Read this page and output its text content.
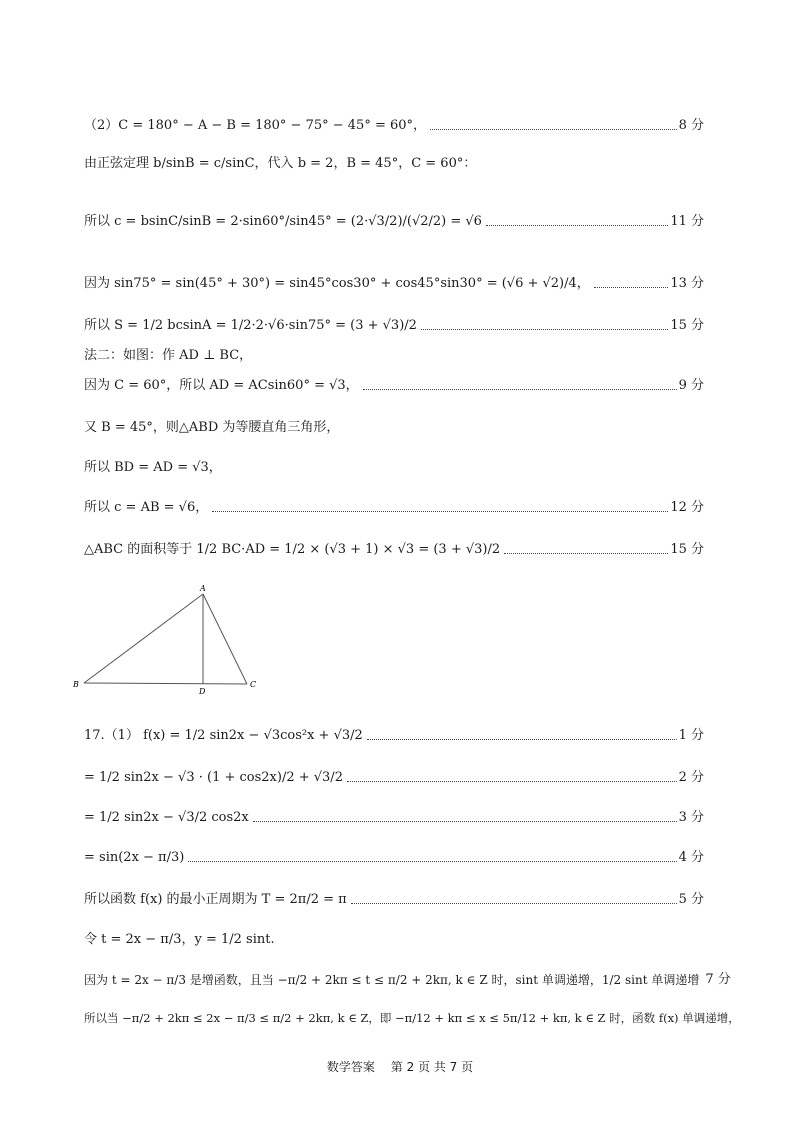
（2）C = 180° − A − B = 180° − 75° − 45° = 60°，	8 分
由正弦定理 b/sinB = c/sinC，代入 b = 2，B = 45°，C = 60°：
所以 c = bsinC/sinB = 2·sin60°/sin45° = (2·√3/2)/(√2/2) = √6	11 分
因为 sin75° = sin(45° + 30°) = sin45°cos30° + cos45°sin30° = (√6 + √2)/4，	13 分
所以 S = 1/2 bcsinA = 1/2·2·√6·sin75° = (3 + √3)/2	15 分
法二：如图：作 AD ⊥ BC，
因为 C = 60°，所以 AD = ACsin60° = √3，	9 分
又 B = 45°，则△ABD 为等腰直角三角形，
所以 BD = AD = √3，
所以 c = AB = √6，	12 分
△ABC 的面积等于 1/2 BC·AD = 1/2 × (√3 + 1) × √3 = (3 + √3)/2	15 分
A
B
D
C
17.（1） f(x) = 1/2 sin2x − √3cos²x + √3/2	1 分
= 1/2 sin2x − √3 · (1 + cos2x)/2 + √3/2	2 分
= 1/2 sin2x − √3/2 cos2x	3 分
= sin(2x − π/3)	4 分
所以函数 f(x) 的最小正周期为 T = 2π/2 = π	5 分
令 t = 2x − π/3，y = 1/2 sint.
因为 t = 2x − π/3 是增函数，且当 −π/2 + 2kπ ≤ t ≤ π/2 + 2kπ, k ∈ Z 时，sint 单调递增，1/2 sint 单调递增 7 分
所以当 −π/2 + 2kπ ≤ 2x − π/3 ≤ π/2 + 2kπ, k ∈ Z，即 −π/12 + kπ ≤ x ≤ 5π/12 + kπ, k ∈ Z 时，函数 f(x) 单调递增，
数学答案 第 2 页 共 7 页
